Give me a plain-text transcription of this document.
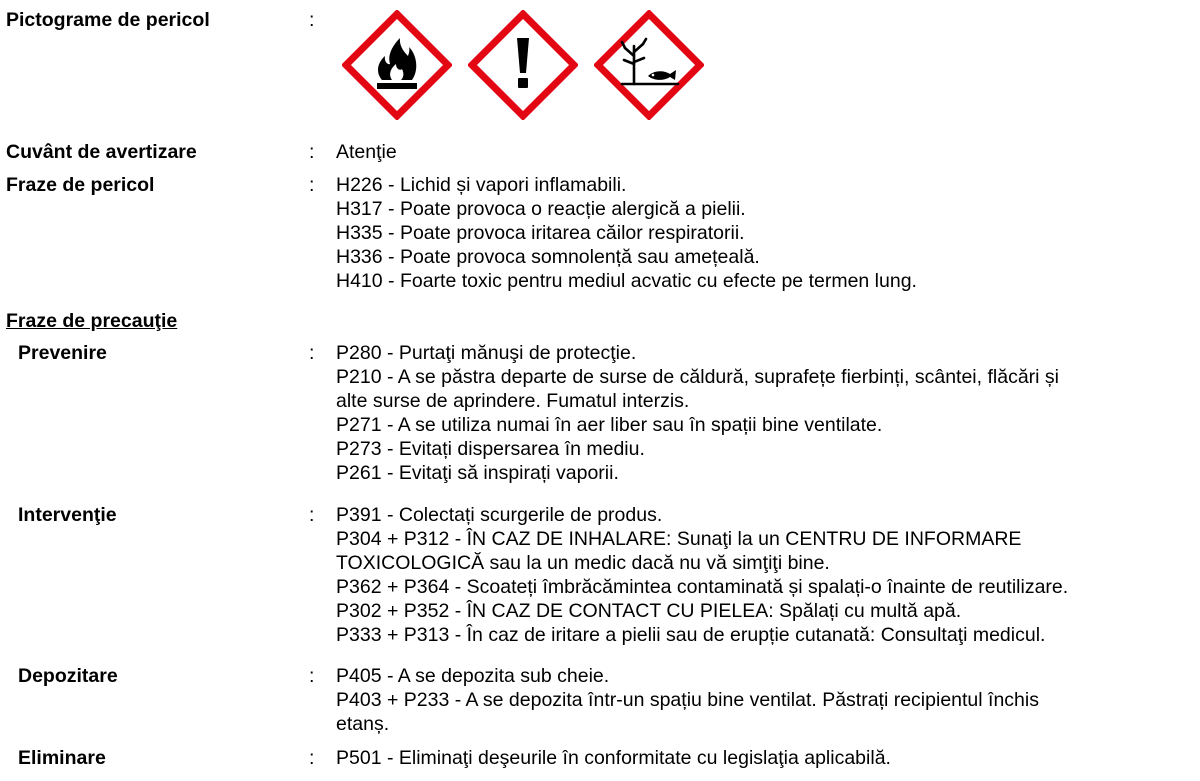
Pictograme de pericol	:
Cuvânt de avertizare	: Atenţie
Fraze de pericol	: H226 - Lichid și vapori inflamabili.
H317 - Poate provoca o reacție alergică a pielii.
H335 - Poate provoca iritarea căilor respiratorii.
H336 - Poate provoca somnolență sau amețeală.
H410 - Foarte toxic pentru mediul acvatic cu efecte pe termen lung.
Fraze de precauţie
Prevenire	: P280 - Purtaţi mănuşi de protecţie.
P210 - A se păstra departe de surse de căldură, suprafețe fierbinți, scântei, flăcări și
alte surse de aprindere. Fumatul interzis.
P271 - A se utiliza numai în aer liber sau în spații bine ventilate.
P273 - Evitați dispersarea în mediu.
P261 - Evitaţi să inspirați vaporii.
Intervenţie	: P391 - Colectați scurgerile de produs.
P304 + P312 - ÎN CAZ DE INHALARE: Sunaţi la un CENTRU DE INFORMARE
TOXICOLOGICĂ sau la un medic dacă nu vă simţiţi bine.
P362 + P364 - Scoateți îmbrăcămintea contaminată și spalați-o înainte de reutilizare.
P302 + P352 - ÎN CAZ DE CONTACT CU PIELEA: Spălați cu multă apă.
P333 + P313 - În caz de iritare a pielii sau de erupție cutanată: Consultaţi medicul.
Depozitare	: P405 - A se depozita sub cheie.
P403 + P233 - A se depozita într-un spațiu bine ventilat. Păstrați recipientul închis
etanș.
Eliminare	: P501 - Eliminaţi deşeurile în conformitate cu legislaţia aplicabilă.
